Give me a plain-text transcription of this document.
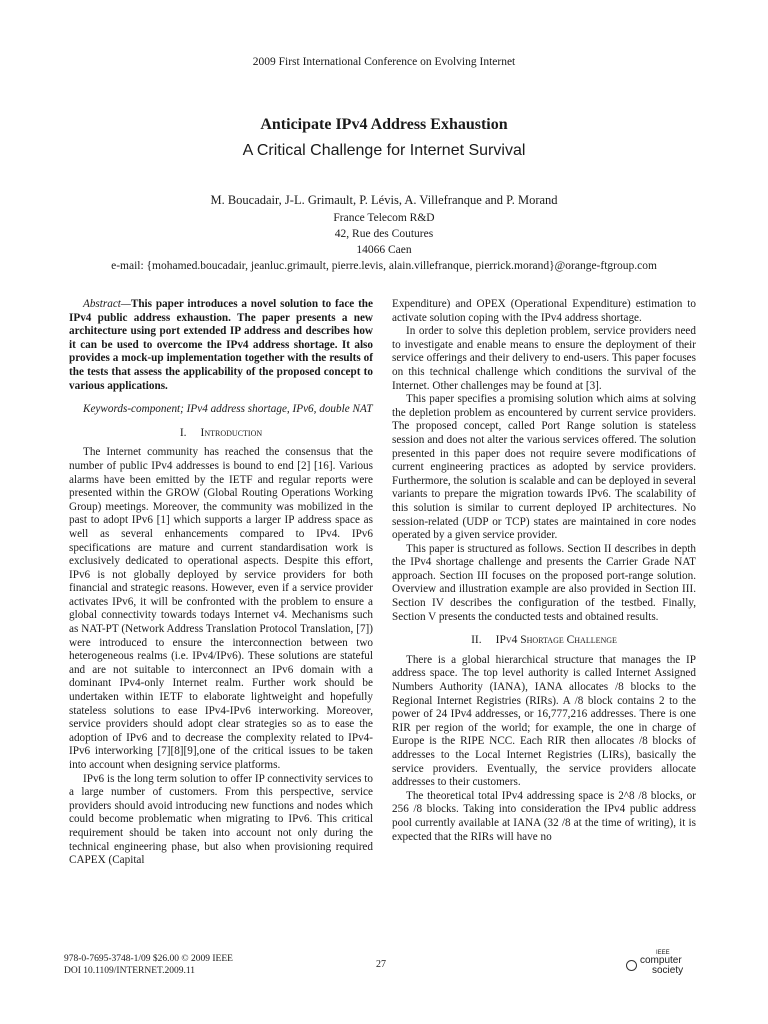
2009 First International Conference on Evolving Internet
Anticipate IPv4 Address Exhaustion
A Critical Challenge for Internet Survival
M. Boucadair, J-L. Grimault, P. Lévis, A. Villefranque and P. Morand
France Telecom R&D
42, Rue des Coutures
14066 Caen
e-mail: {mohamed.boucadair, jeanluc.grimault, pierre.levis, alain.villefranque, pierrick.morand}@orange-ftgroup.com

Abstract—This paper introduces a novel solution to face the IPv4 public address exhaustion. The paper presents a new architecture using port extended IP address and describes how it can be used to overcome the IPv4 address shortage. It also provides a mock-up implementation together with the results of the tests that assess the applicability of the proposed concept to various applications.

Keywords-component; IPv4 address shortage, IPv6, double NAT

I. Introduction

The Internet community has reached the consensus that the number of public IPv4 addresses is bound to end [2] [16]. Various alarms have been emitted by the IETF and regular reports were presented within the GROW (Global Routing Operations Working Group) meetings. Moreover, the community was mobilized in the past to adopt IPv6 [1] which supports a larger IP address space as well as several enhancements compared to IPv4. IPv6 specifications are mature and current standardisation work is exclusively dedicated to operational aspects. Despite this effort, IPv6 is not globally deployed by service providers for both financial and strategic reasons. However, even if a service provider activates IPv6, it will be confronted with the problem to ensure a global connectivity towards todays Internet v4. Mechanisms such as NAT-PT (Network Address Translation Protocol Translation, [7]) were introduced to ensure the interconnection between two heterogeneous realms (i.e. IPv4/IPv6). These solutions are stateful and are not suitable to interconnect an IPv6 domain with a dominant IPv4-only Internet realm. Further work should be undertaken within IETF to elaborate lightweight and hopefully stateless solutions to ease IPv4-IPv6 interworking. Moreover, service providers should adopt clear strategies so as to ease the adoption of IPv6 and to decrease the complexity related to IPv4-IPv6 interworking [7][8][9],one of the critical issues to be taken into account when designing service platforms.

IPv6 is the long term solution to offer IP connectivity services to a large number of customers. From this perspective, service providers should avoid introducing new functions and nodes which could become problematic when migrating to IPv6. This critical requirement should be taken into account not only during the technical engineering phase, but also when provisioning required CAPEX (Capital

Expenditure) and OPEX (Operational Expenditure) estimation to activate solution coping with the IPv4 address shortage.

In order to solve this depletion problem, service providers need to investigate and enable means to ensure the deployment of their service offerings and their delivery to end-users. This paper focuses on this technical challenge which conditions the survival of the Internet. Other challenges may be found at [3].

This paper specifies a promising solution which aims at solving the depletion problem as encountered by current service providers. The proposed concept, called Port Range solution is stateless session and does not alter the various services offered. The solution presented in this paper does not require severe modifications of current engineering practices as adopted by service providers. Furthermore, the solution is scalable and can be deployed in several variants to prepare the migration towards IPv6. The scalability of this solution is similar to current deployed IP architectures. No session-related (UDP or TCP) states are maintained in core nodes operated by a given service provider.

This paper is structured as follows. Section II describes in depth the IPv4 shortage challenge and presents the Carrier Grade NAT approach. Section III focuses on the proposed port-range solution. Overview and illustration example are also provided in Section III. Section IV describes the configuration of the testbed. Finally, Section V presents the conducted tests and obtained results.

II. IPv4 Shortage Challenge

There is a global hierarchical structure that manages the IP address space. The top level authority is called Internet Assigned Numbers Authority (IANA), IANA allocates /8 blocks to the Regional Internet Registries (RIRs). A /8 block contains 2 to the power of 24 IPv4 addresses, or 16,777,216 addresses. There is one RIR per region of the world; for example, the one in charge of Europe is the RIPE NCC. Each RIR then allocates /8 blocks of addresses to the Local Internet Registries (LIRs), basically the service providers. Eventually, the service providers allocate addresses to their customers.

The theoretical total IPv4 addressing space is 2^8 /8 blocks, or 256 /8 blocks. Taking into consideration the IPv4 public address pool currently available at IANA (32 /8 at the time of writing), it is expected that the RIRs will have no

978-0-7695-3748-1/09 $26.00 © 2009 IEEE
DOI 10.1109/INTERNET.2009.11
27
IEEE
computer
society
